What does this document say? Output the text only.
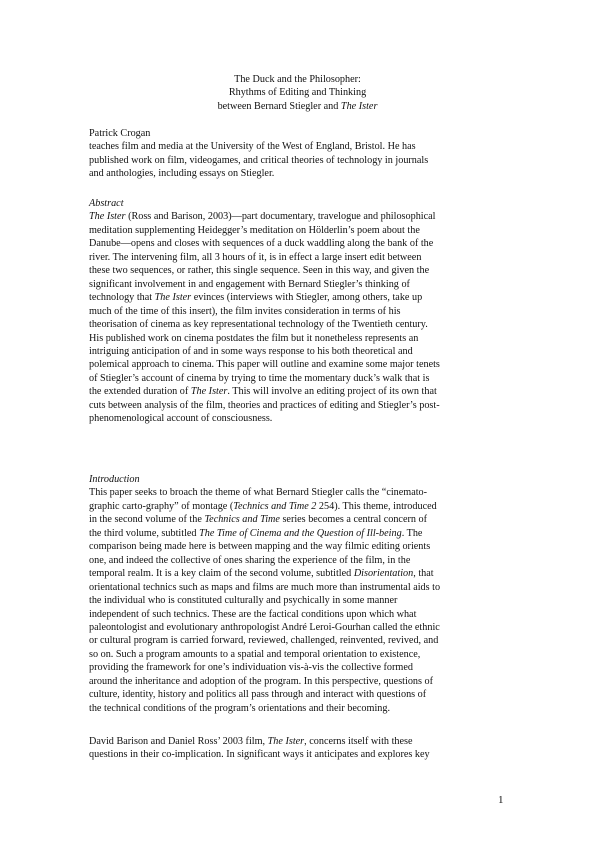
The Duck and the Philosopher:
Rhythms of Editing and Thinking
between Bernard Stiegler and The Ister
Patrick Crogan
teaches film and media at the University of the West of England, Bristol. He has
published work on film, videogames, and critical theories of technology in journals
and anthologies, including essays on Stiegler.
Abstract
The Ister (Ross and Barison, 2003)—part documentary, travelogue and philosophical
meditation supplementing Heidegger’s meditation on Hölderlin’s poem about the
Danube—opens and closes with sequences of a duck waddling along the bank of the
river. The intervening film, all 3 hours of it, is in effect a large insert edit between
these two sequences, or rather, this single sequence. Seen in this way, and given the
significant involvement in and engagement with Bernard Stiegler’s thinking of
technology that The Ister evinces (interviews with Stiegler, among others, take up
much of the time of this insert), the film invites consideration in terms of his
theorisation of cinema as key representational technology of the Twentieth century.
His published work on cinema postdates the film but it nonetheless represents an
intriguing anticipation of and in some ways response to his both theoretical and
polemical approach to cinema. This paper will outline and examine some major tenets
of Stiegler’s account of cinema by trying to time the momentary duck’s walk that is
the extended duration of The Ister. This will involve an editing project of its own that
cuts between analysis of the film, theories and practices of editing and Stiegler’s post-
phenomenological account of consciousness.
Introduction
This paper seeks to broach the theme of what Bernard Stiegler calls the “cinemato-
graphic carto-graphy” of montage (Technics and Time 2 254). This theme, introduced
in the second volume of the Technics and Time series becomes a central concern of
the third volume, subtitled The Time of Cinema and the Question of Ill-being. The
comparison being made here is between mapping and the way filmic editing orients
one, and indeed the collective of ones sharing the experience of the film, in the
temporal realm. It is a key claim of the second volume, subtitled Disorientation, that
orientational technics such as maps and films are much more than instrumental aids to
the individual who is constituted culturally and psychically in some manner
independent of such technics. These are the factical conditions upon which what
paleontologist and evolutionary anthropologist André Leroi-Gourhan called the ethnic
or cultural program is carried forward, reviewed, challenged, reinvented, revived, and
so on. Such a program amounts to a spatial and temporal orientation to existence,
providing the framework for one’s individuation vis-à-vis the collective formed
around the inheritance and adoption of the program. In this perspective, questions of
culture, identity, history and politics all pass through and interact with questions of
the technical conditions of the program’s orientations and their becoming.
David Barison and Daniel Ross’ 2003 film, The Ister, concerns itself with these
questions in their co-implication. In significant ways it anticipates and explores key
1
